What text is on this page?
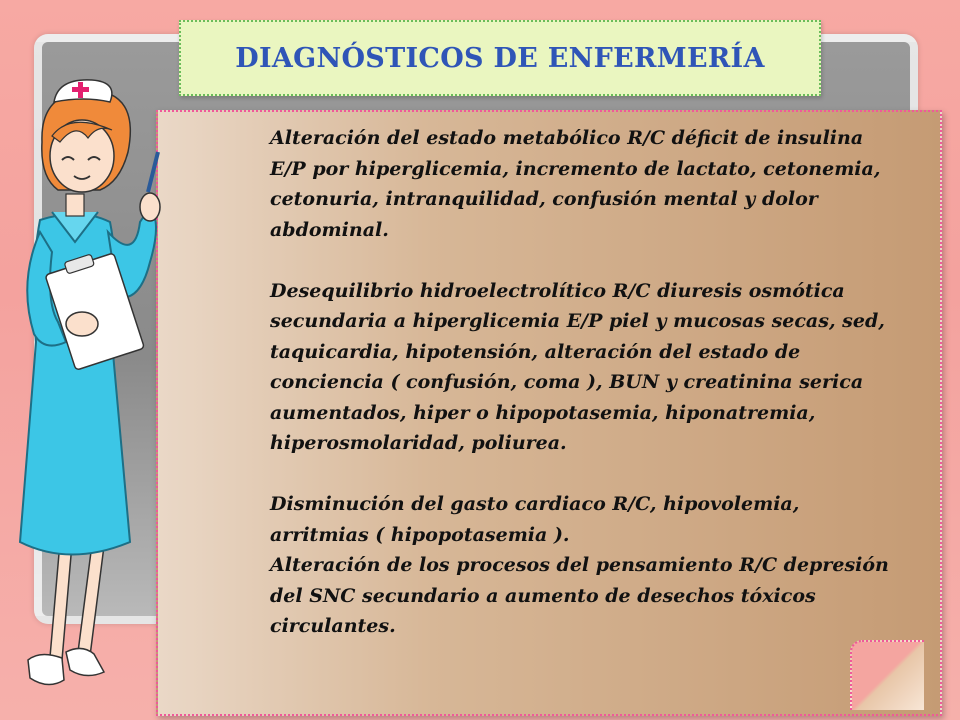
DIAGNÓSTICOS DE ENFERMERÍA

Alteración del estado metabólico R/C déficit de insulina E/P por hiperglicemia, incremento de lactato, cetonemia, cetonuria, intranquilidad, confusión mental y dolor abdominal.

Desequilibrio hidroelectrolítico R/C diuresis osmótica secundaria a hiperglicemia E/P piel y mucosas secas, sed, taquicardia, hipotensión, alteración del estado de conciencia ( confusión, coma ), BUN y creatinina serica aumentados, hiper o hipopotasemia, hiponatremia, hiperosmolaridad, poliurea.

Disminución del gasto cardiaco R/C, hipovolemia, arritmias ( hipopotasemia ).

Alteración de los procesos del pensamiento R/C depresión del SNC secundario a aumento de desechos tóxicos circulantes.
